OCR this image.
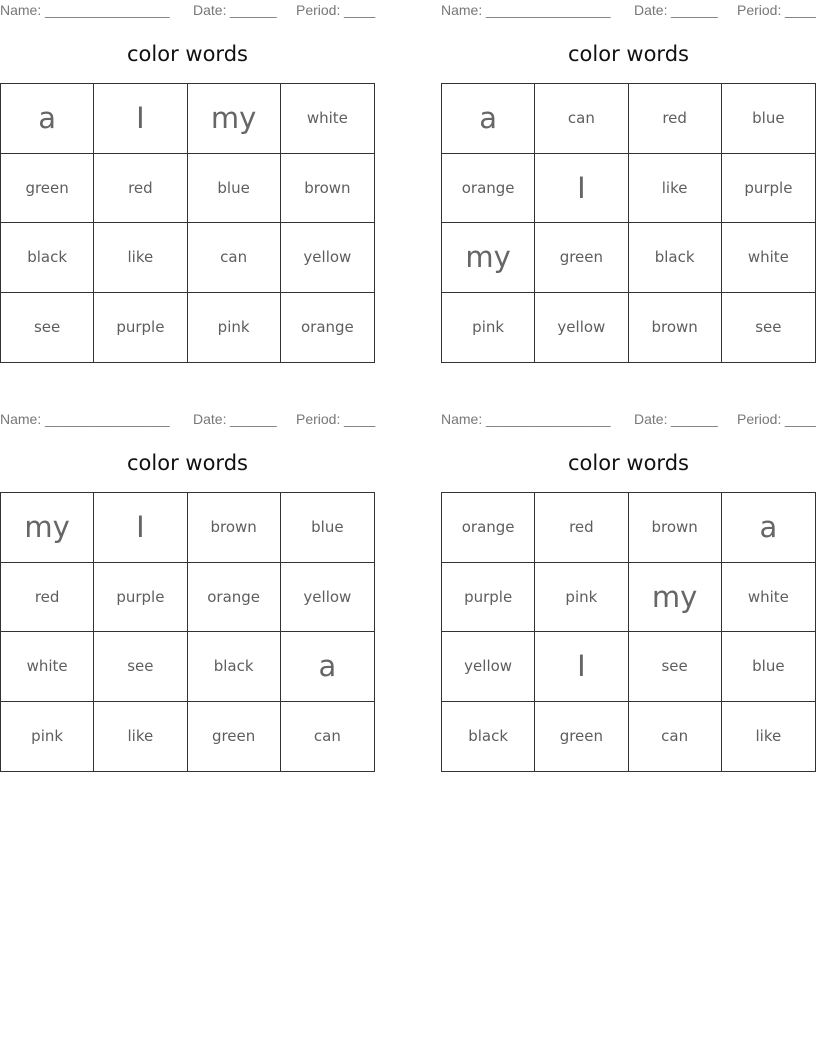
Name: ________________ Date: ______ Period: ____
color words
a	I	my	white
green	red	blue	brown
black	like	can	yellow
see	purple	pink	orange
Name: ________________ Date: ______ Period: ____
color words
a	can	red	blue
orange	I	like	purple
my	green	black	white
pink	yellow	brown	see
Name: ________________ Date: ______ Period: ____
color words
my	I	brown	blue
red	purple	orange	yellow
white	see	black	a
pink	like	green	can
Name: ________________ Date: ______ Period: ____
color words
orange	red	brown	a
purple	pink	my	white
yellow	I	see	blue
black	green	can	like
